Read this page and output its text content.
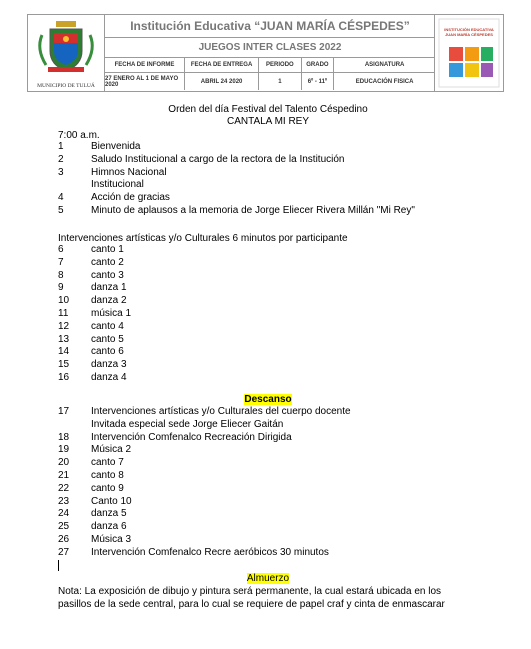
MUNICIPIO DE TULUÁ
Institución Educativa “JUAN MARÍA CÉSPEDES”
JUEGOS INTER CLASES 2022
FECHA DE INFORME	FECHA DE ENTREGA	PERIODO	GRADO	ASIGNATURA
27 ENERO AL 1 DE MAYO 2020	ABRIL 24 2020	1	6º - 11º	EDUCACIÓN FISICA
INSTITUCIÓN EDUCATIVA
JUAN MARÍA CÉSPEDES
Orden del día Festival del Talento Céspedino
CANTALA MI REY
7:00 a.m.
1	Bienvenida
2	Saludo Institucional a cargo de la rectora de la Institución
3	Himnos Nacional
Institucional
4	Acción de gracias
5	Minuto de aplausos a la memoria de Jorge Eliecer Rivera Millán "Mi Rey"
Intervenciones artísticas y/o Culturales 6 minutos por participante
6	canto 1
7	canto 2
8	canto 3
9	danza 1
10 danza 2
11 música 1
12 canto 4
13 canto 5
14 canto 6
15 danza 3
16 danza 4
Descanso
17 Intervenciones artísticas y/o Culturales del cuerpo docente
Invitada especial sede Jorge Eliecer Gaitán
18 Intervención Comfenalco Recreación Dirigida
19 Música 2
20 canto 7
21 canto 8
22 canto 9
23 Canto 10
24 danza 5
25 danza 6
26 Música 3
27 Intervención Comfenalco Recre aeróbicos 30 minutos
Almuerzo
Nota: La exposición de dibujo y pintura será permanente, la cual estará ubicada en los pasillos de la sede central, para lo cual se requiere de papel craf y cinta de enmascarar
